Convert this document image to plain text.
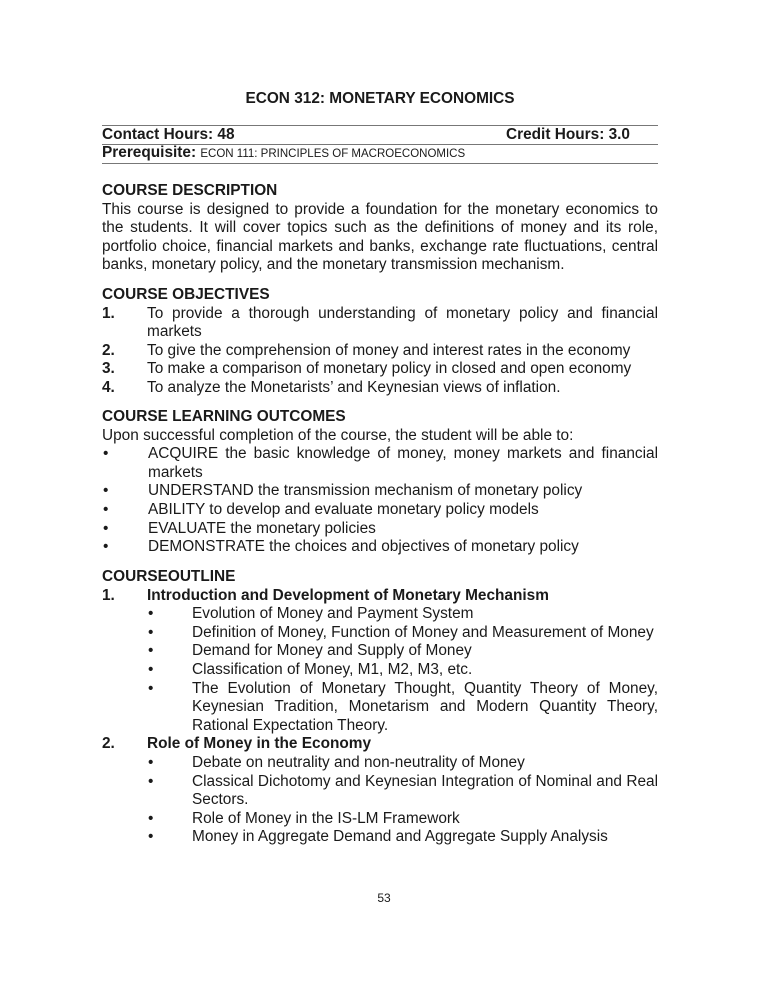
ECON 312: MONETARY ECONOMICS
Contact Hours: 48	Credit Hours: 3.0
Prerequisite: ECON 111: PRINCIPLES OF MACROECONOMICS
COURSE DESCRIPTION
This course is designed to provide a foundation for the monetary economics to the students. It will cover topics such as the definitions of money and its role, portfolio choice, financial markets and banks, exchange rate fluctuations, central banks, monetary policy, and the monetary transmission mechanism.
COURSE OBJECTIVES
1.	To provide a thorough understanding of monetary policy and financial markets
2.	To give the comprehension of money and interest rates in the economy
3.	To make a comparison of monetary policy in closed and open economy
4.	To analyze the Monetarists’ and Keynesian views of inflation.
COURSE LEARNING OUTCOMES
Upon successful completion of the course, the student will be able to:
•	ACQUIRE the basic knowledge of money, money markets and financial markets
•	UNDERSTAND the transmission mechanism of monetary policy
•	ABILITY to develop and evaluate monetary policy models
•	EVALUATE the monetary policies
•	DEMONSTRATE the choices and objectives of monetary policy
COURSEOUTLINE
1.	Introduction and Development of Monetary Mechanism
•	Evolution of Money and Payment System
•	Definition of Money, Function of Money and Measurement of Money
•	Demand for Money and Supply of Money
•	Classification of Money, M1, M2, M3, etc.
•	The Evolution of Monetary Thought, Quantity Theory of Money, Keynesian Tradition, Monetarism and Modern Quantity Theory, Rational Expectation Theory.
2.	Role of Money in the Economy
•	Debate on neutrality and non-neutrality of Money
•	Classical Dichotomy and Keynesian Integration of Nominal and Real Sectors.
•	Role of Money in the IS-LM Framework
•	Money in Aggregate Demand and Aggregate Supply Analysis
53
